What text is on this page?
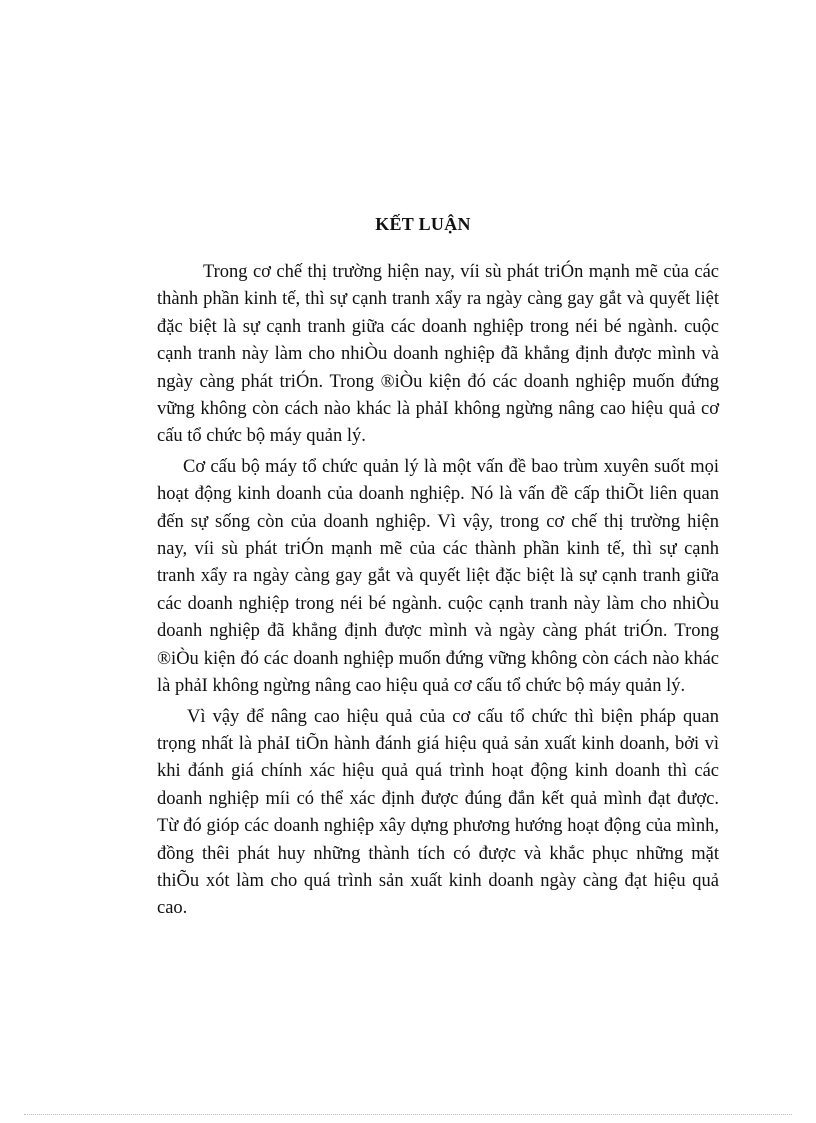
KẾT LUẬN

Trong cơ chế thị trường hiện nay, víi sù phát triÓn mạnh mẽ của các thành phần kinh tế, thì sự cạnh tranh xẩy ra ngày càng gay gắt và quyết liệt đặc biệt là sự cạnh tranh giữa các doanh nghiệp trong néi bé ngành. cuộc cạnh tranh này làm cho nhiÒu doanh nghiệp đã khẳng định được mình và ngày càng phát triÓn. Trong ®iÒu kiện đó các doanh nghiệp muốn đứng vững không còn cách nào khác là phảI không ngừng nâng cao hiệu quả cơ cấu tổ chức bộ máy quản lý.

Cơ cấu bộ máy tổ chức quản lý là một vấn đề bao trùm xuyên suốt mọi hoạt động kinh doanh của doanh nghiệp. Nó là vấn đề cấp thiÕt liên quan đến sự sống còn của doanh nghiệp. Vì vậy, trong cơ chế thị trường hiện nay, víi sù phát triÓn mạnh mẽ của các thành phần kinh tế, thì sự cạnh tranh xẩy ra ngày càng gay gắt và quyết liệt đặc biệt là sự cạnh tranh giữa các doanh nghiệp trong néi bé ngành. cuộc cạnh tranh này làm cho nhiÒu doanh nghiệp đã khẳng định được mình và ngày càng phát triÓn. Trong ®iÒu kiện đó các doanh nghiệp muốn đứng vững không còn cách nào khác là phảI không ngừng nâng cao hiệu quả cơ cấu tổ chức bộ máy quản lý.

Vì vậy để nâng cao hiệu quả của cơ cấu tổ chức thì biện pháp quan trọng nhất là phảI tiÕn hành đánh giá hiệu quả sản xuất kinh doanh, bởi vì khi đánh giá chính xác hiệu quả quá trình hoạt động kinh doanh thì các doanh nghiệp míi có thể xác định được đúng đắn kết quả mình đạt được. Từ đó gióp các doanh nghiệp xây dựng phương hướng hoạt động của mình, đồng thêi phát huy những thành tích có được và khắc phục những mặt thiÕu xót làm cho quá trình sản xuất kinh doanh ngày càng đạt hiệu quả cao.
